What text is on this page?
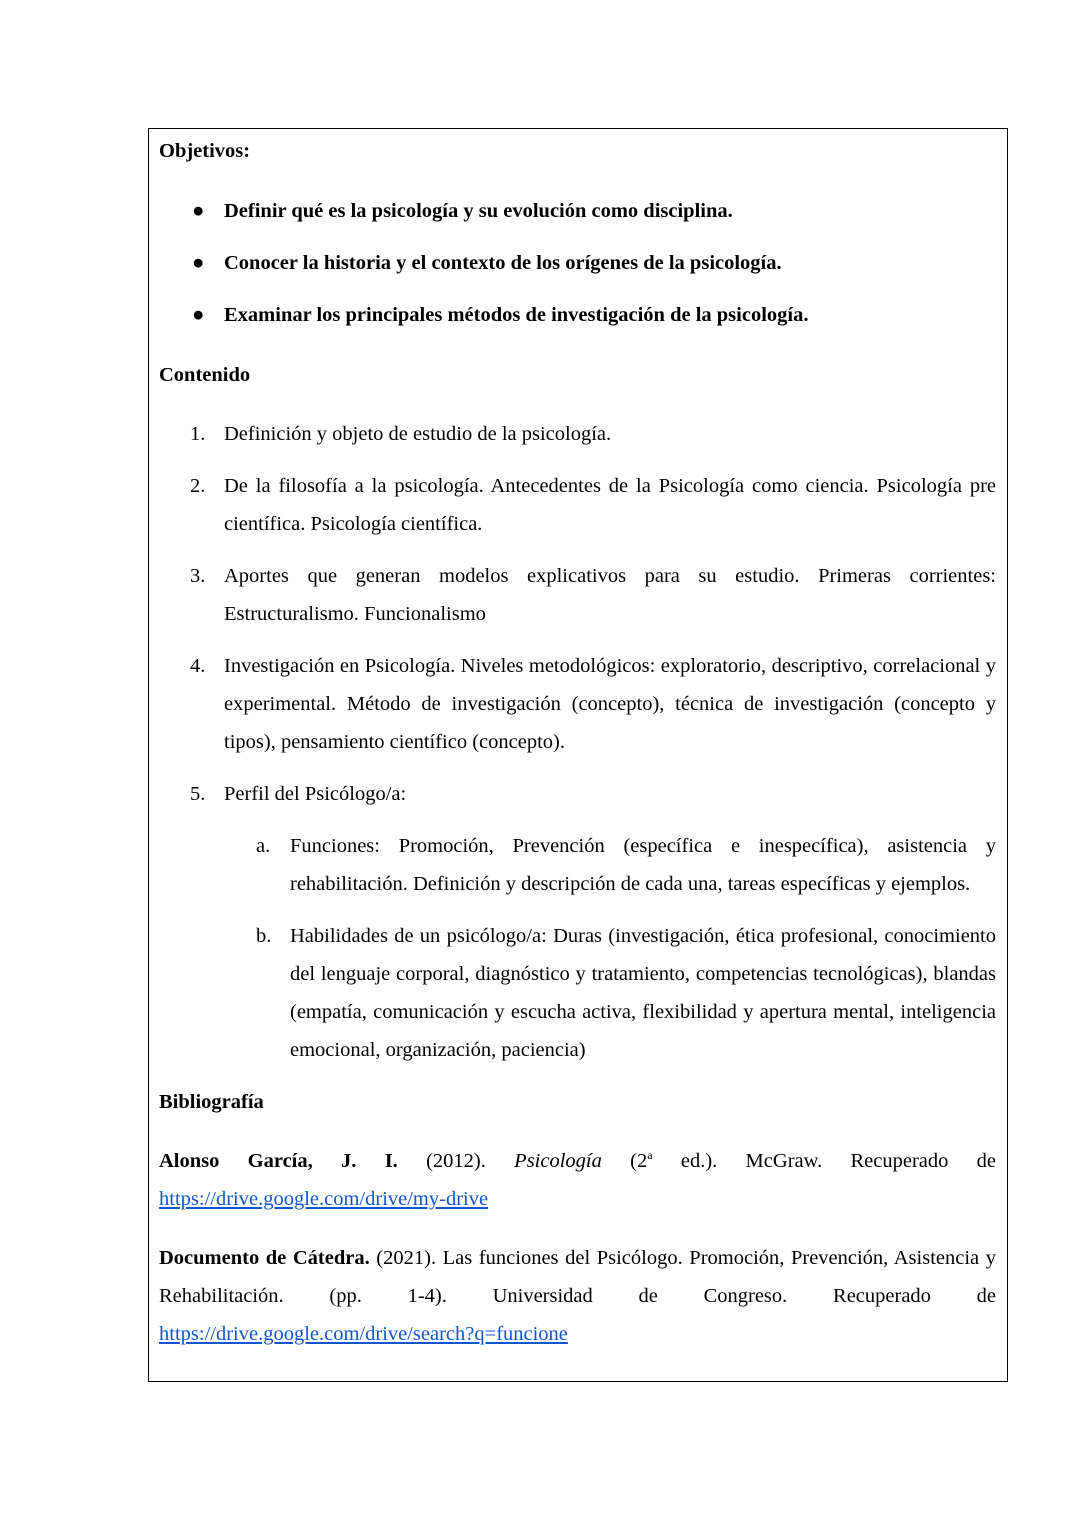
Objetivos:

● Definir qué es la psicología y su evolución como disciplina.
● Conocer la historia y el contexto de los orígenes de la psicología.
● Examinar los principales métodos de investigación de la psicología.

Contenido

1. Definición y objeto de estudio de la psicología.
2. De la filosofía a la psicología. Antecedentes de la Psicología como ciencia. Psicología pre científica. Psicología científica.
3. Aportes que generan modelos explicativos para su estudio. Primeras corrientes: Estructuralismo. Funcionalismo
4. Investigación en Psicología. Niveles metodológicos: exploratorio, descriptivo, correlacional y experimental. Método de investigación (concepto), técnica de investigación (concepto y tipos), pensamiento científico (concepto).
5. Perfil del Psicólogo/a:
a. Funciones: Promoción, Prevención (específica e inespecífica), asistencia y rehabilitación. Definición y descripción de cada una, tareas específicas y ejemplos.
b. Habilidades de un psicólogo/a: Duras (investigación, ética profesional, conocimiento del lenguaje corporal, diagnóstico y tratamiento, competencias tecnológicas), blandas (empatía, comunicación y escucha activa, flexibilidad y apertura mental, inteligencia emocional, organización, paciencia)

Bibliografía

Alonso García, J. I. (2012). Psicología (2$^a$ ed.). McGraw. Recuperado de https://drive.google.com/drive/my-drive

Documento de Cátedra. (2021). Las funciones del Psicólogo. Promoción, Prevención, Asistencia y Rehabilitación. (pp. 1-4). Universidad de Congreso. Recuperado de https://drive.google.com/drive/search?q=funcione
